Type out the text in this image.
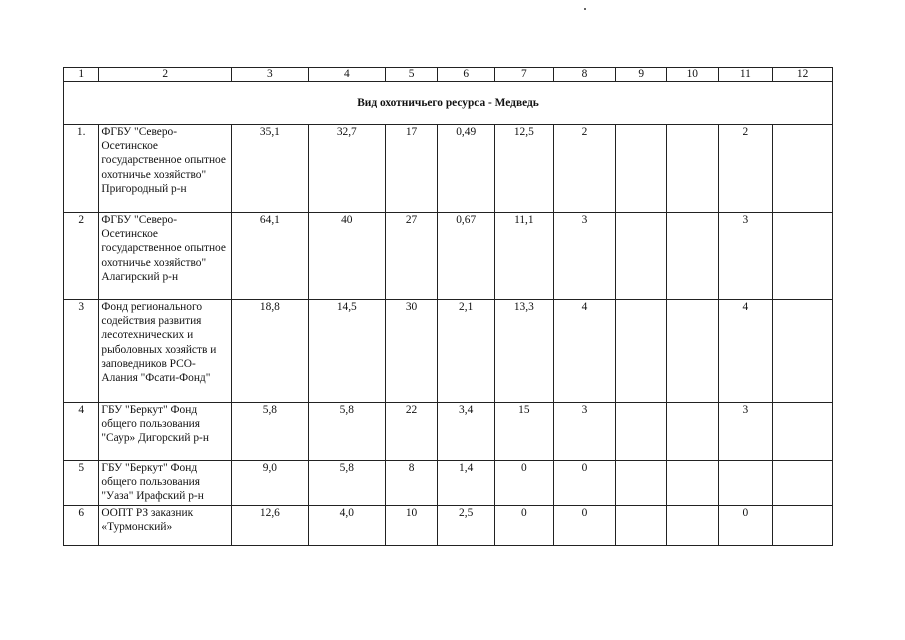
1	2	3	4	5	6	7	8	9	10	11	12
Вид охотничьего ресурса - Медведь											
1.	ФГБУ "Северо-Осетинское государственное опытное охотничье хозяйство" Пригородный р-н	35,1	32,7	17	0,49	12,5	2			2	
2	ФГБУ "Северо-Осетинское государственное опытное охотничье хозяйство" Алагирский р-н	64,1	40	27	0,67	11,1	3			3	
3	Фонд регионального содействия развития лесотехнических и рыболовных хозяйств и заповедников РСО-Алания "Фсати-Фонд"	18,8	14,5	30	2,1	13,3	4			4	
4	ГБУ "Беркут" Фонд общего пользования "Саур» Дигорский р-н	5,8	5,8	22	3,4	15	3			3	
5	ГБУ "Беркут" Фонд общего пользования "Уаза" Ирафский р-н	9,0	5,8	8	1,4	0	0				
6	ООПТ РЗ заказник «Турмонский»	12,6	4,0	10	2,5	0	0			0	
